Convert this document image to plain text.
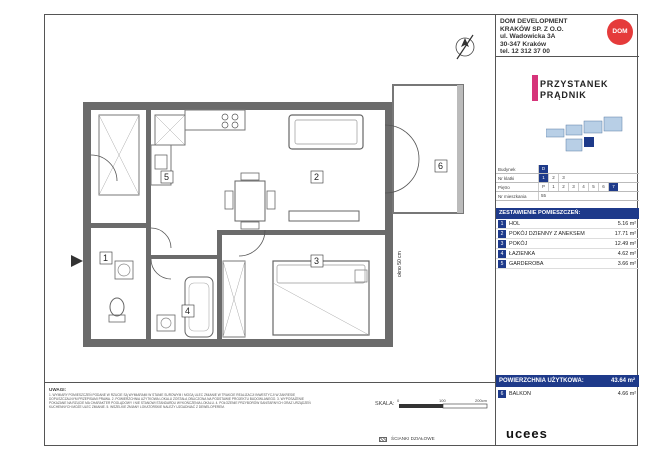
okno 50 cm
1
5	2
3
4
6
UWAGI:
1. WYMIARY POMIESZCZEŃ PODANE W RZUCIE SĄ WYMIARAMI W STANIE SUROWYM I MOGĄ ULEC ZMIANIE W TRAKCIE REALIZACJI INWESTYCJI W ZAKRESIE DOPUSZCZALNYM PRZEPISAMI PRAWA. 2. POWIERZCHNIA UŻYTKOWA LOKALU ZOSTAŁA OBLICZONA NA PODSTAWIE PROJEKTU BUDOWLANEGO. 3. WYPOSAŻENIE POKAZANE NA RZUCIE MA CHARAKTER POGLĄDOWY I NIE STANOWI STANDARDU WYKOŃCZENIA LOKALU. 4. POŁOŻENIE PRZYBORÓW SANITARNYCH ORAZ URZĄDZEŃ KUCHENNYCH MOŻE ULEC ZMIANIE. 5. WSZELKIE ZMIANY LOKATORSKIE NALEŻY UZGADNIAĆ Z DEWELOPEREM.	SKALA:
0	100	200cm
ŚCIANKI DZIAŁOWE
DOM DEVELOPMENT
KRAKÓW SP. Z O.O.
ul. Wadowicka 3A
30-347 Kraków
tel. 12 312 37 00
DOM
PRZYSTANEK
PRĄDNIK
Budynek	D
Nr klatki	1	2	3
Piętro	P	1	2	3	4	5	6	7
Nr mieszkania	55
ZESTAWIENIE POMIESZCZEŃ:
1	HOL	5.16 m²
2	POKÓJ DZIENNY Z ANEKSEM	17.71 m²
3	POKÓJ	12.49 m²
4	ŁAZIENKA	4.62 m²
5	GARDEROBA	3.66 m²
POWIERZCHNIA UŻYTKOWA:	43.64 m²
6	BALKON	4.66 m²
ucees
